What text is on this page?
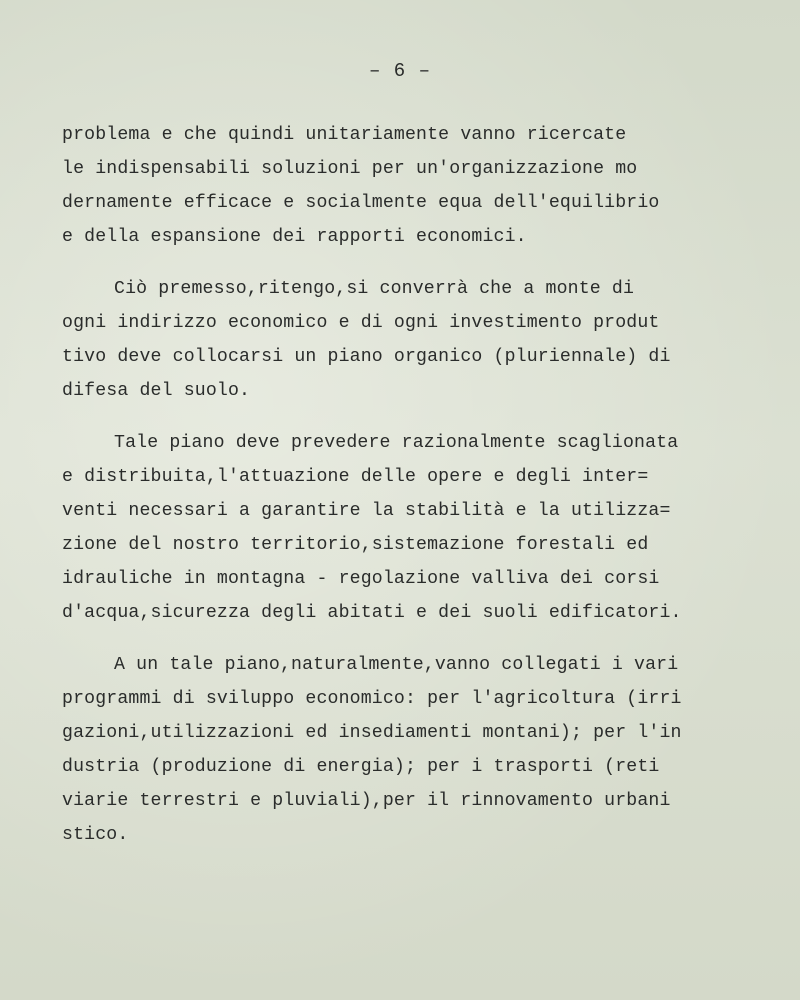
– 6 –
problema e che quindi unitariamente vanno ricercate
le indispensabili soluzioni per un'organizzazione mo
dernamente efficace e socialmente equa dell'equilibrio
e della espansione dei rapporti economici.
Ciò premesso,ritengo,si converrà che a monte di
ogni indirizzo economico e di ogni investimento produt
tivo deve collocarsi un piano organico (pluriennale) di
difesa del suolo.
Tale piano deve prevedere razionalmente scaglionata
e distribuita,l'attuazione delle opere e degli inter=
venti necessari a garantire la stabilità e la utilizza=
zione del nostro territorio,sistemazione forestali ed
idrauliche in montagna - regolazione valliva dei corsi
d'acqua,sicurezza degli abitati e dei suoli edificatori.
A un tale piano,naturalmente,vanno collegati i vari
programmi di sviluppo economico: per l'agricoltura (irri
gazioni,utilizzazioni ed insediamenti montani); per l'in
dustria (produzione di energia); per i trasporti (reti
viarie terrestri e pluviali),per il rinnovamento urbani
stico.
